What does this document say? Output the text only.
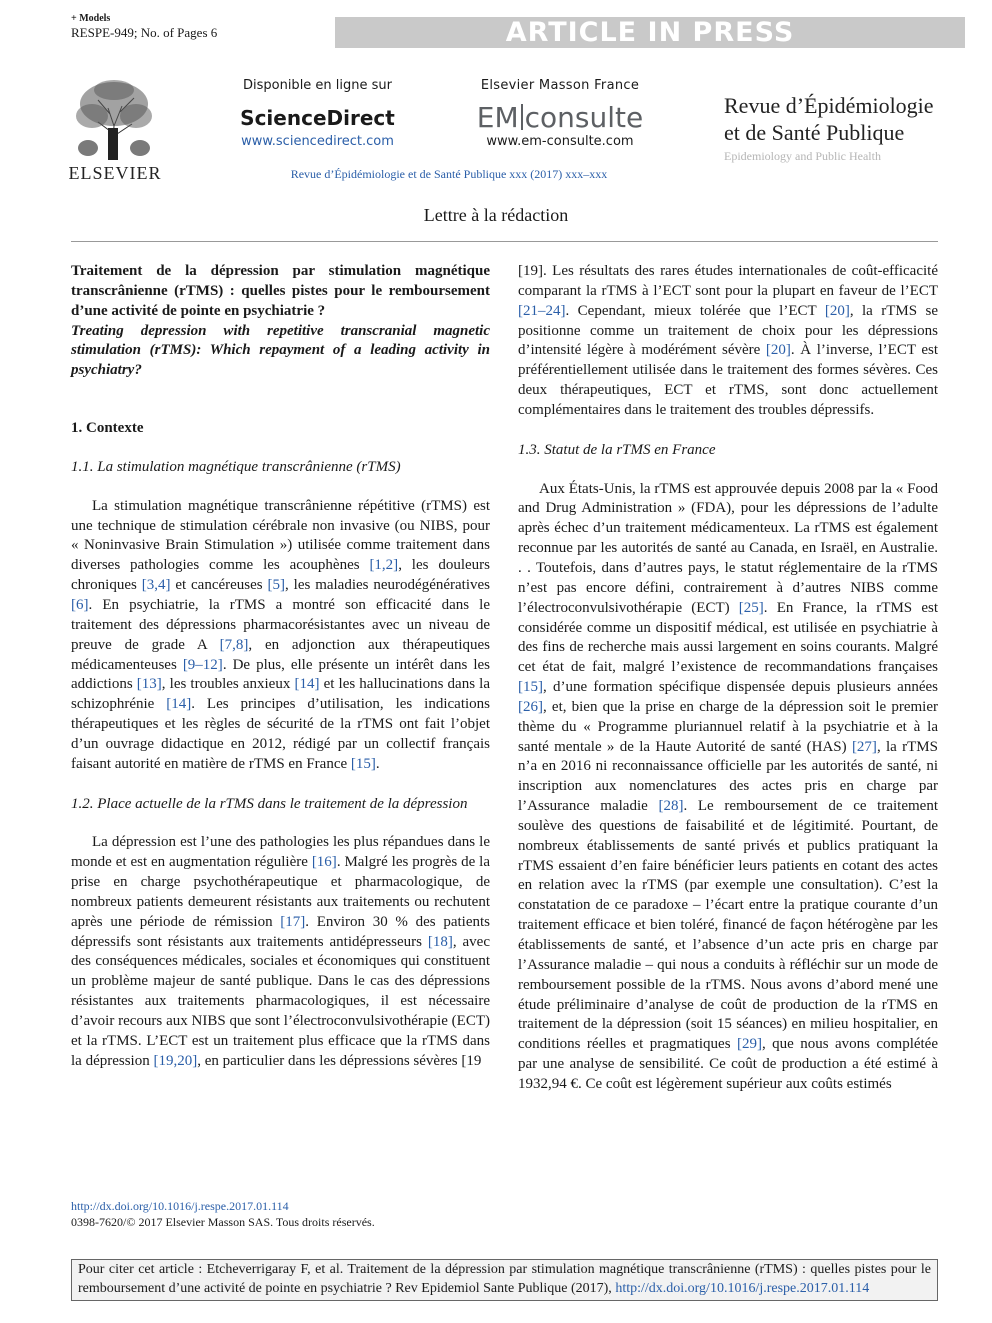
+ Models
RESPE-949; No. of Pages 6	ARTICLE IN PRESS
ELSEVIER
Disponible en ligne sur
ScienceDirect
www.sciencedirect.com
Elsevier Masson France
EM consulte
www.em-consulte.com
Revue d’Épidémiologie
et de Santé Publique
Epidemiology and Public Health
Revue d’Épidémiologie et de Santé Publique xxx (2017) xxx–xxx
Lettre à la rédaction

Traitement de la dépression par stimulation magnétique transcrânienne (rTMS) : quelles pistes pour le remboursement d’une activité de pointe en psychiatrie ?

Treating depression with repetitive transcranial magnetic stimulation (rTMS): Which repayment of a leading activity in psychiatry?

1. Contexte

1.1. La stimulation magnétique transcrânienne (rTMS)

La stimulation magnétique transcrânienne répétitive (rTMS) est une technique de stimulation cérébrale non invasive (ou NIBS, pour « Noninvasive Brain Stimulation ») utilisée comme traitement dans diverses pathologies comme les acouphènes [1,2], les douleurs chroniques [3,4] et cancéreuses [5], les maladies neurodégénératives [6]. En psychiatrie, la rTMS a montré son efficacité dans le traitement des dépressions pharmacorésistantes avec un niveau de preuve de grade A [7,8], en adjonction aux thérapeutiques médicamenteuses [9–12]. De plus, elle présente un intérêt dans les addictions [13], les troubles anxieux [14] et les hallucinations dans la schizophrénie [14]. Les principes d’utilisation, les indications thérapeutiques et les règles de sécurité de la rTMS ont fait l’objet d’un ouvrage didactique en 2012, rédigé par un collectif français faisant autorité en matière de rTMS en France [15].

1.2. Place actuelle de la rTMS dans le traitement de la dépression

La dépression est l’une des pathologies les plus répandues dans le monde et est en augmentation régulière [16]. Malgré les progrès de la prise en charge psychothérapeutique et pharmacologique, de nombreux patients demeurent résistants aux traitements ou rechutent après une période de rémission [17]. Environ 30 % des patients dépressifs sont résistants aux traitements antidépresseurs [18], avec des conséquences médicales, sociales et économiques qui constituent un problème majeur de santé publique. Dans le cas des dépressions résistantes aux traitements pharmacologiques, il est nécessaire d’avoir recours aux NIBS que sont l’électroconvulsivothérapie (ECT) et la rTMS. L’ECT est un traitement plus efficace que la rTMS dans la dépression [19,20], en particulier dans les dépressions sévères [19

[19]. Les résultats des rares études internationales de coût-efficacité comparant la rTMS à l’ECT sont pour la plupart en faveur de l’ECT [21–24]. Cependant, mieux tolérée que l’ECT [20], la rTMS se positionne comme un traitement de choix pour les dépressions d’intensité légère à modérément sévère [20]. À l’inverse, l’ECT est préférentiellement utilisée dans le traitement des formes sévères. Ces deux thérapeutiques, ECT et rTMS, sont donc actuellement complémentaires dans le traitement des troubles dépressifs.

1.3. Statut de la rTMS en France

Aux États-Unis, la rTMS est approuvée depuis 2008 par la « Food and Drug Administration » (FDA), pour les dépressions de l’adulte après échec d’un traitement médicamenteux. La rTMS est également reconnue par les autorités de santé au Canada, en Israël, en Australie. . . Toutefois, dans d’autres pays, le statut réglementaire de la rTMS n’est pas encore défini, contrairement à d’autres NIBS comme l’électroconvulsivothérapie (ECT) [25]. En France, la rTMS est considérée comme un dispositif médical, est utilisée en psychiatrie à des fins de recherche mais aussi largement en soins courants. Malgré cet état de fait, malgré l’existence de recommandations françaises [15], d’une formation spécifique dispensée depuis plusieurs années [26], et, bien que la prise en charge de la dépression soit le premier thème du « Programme pluriannuel relatif à la psychiatrie et à la santé mentale » de la Haute Autorité de santé (HAS) [27], la rTMS n’a en 2016 ni reconnaissance officielle par les autorités de santé, ni inscription aux nomenclatures des actes pris en charge par l’Assurance maladie [28]. Le remboursement de ce traitement soulève des questions de faisabilité et de légitimité. Pourtant, de nombreux établissements de santé privés et publics pratiquant la rTMS essaient d’en faire bénéficier leurs patients en cotant des actes en relation avec la rTMS (par exemple une consultation). C’est la constatation de ce paradoxe – l’écart entre la pratique courante d’un traitement efficace et bien toléré, financé de façon hétérogène par les établissements de santé, et l’absence d’un acte pris en charge par l’Assurance maladie – qui nous a conduits à réfléchir sur un mode de remboursement possible de la rTMS. Nous avons d’abord mené une étude préliminaire d’analyse de coût de production de la rTMS en traitement de la dépression (soit 15 séances) en milieu hospitalier, en conditions réelles et pragmatiques [29], que nous avons complétée par une analyse de sensibilité. Ce coût de production a été estimé à 1932,94 €. Ce coût est légèrement supérieur aux coûts estimés

http://dx.doi.org/10.1016/j.respe.2017.01.114
0398-7620/© 2017 Elsevier Masson SAS. Tous droits réservés.
Pour citer cet article : Etcheverrigaray F, et al. Traitement de la dépression par stimulation magnétique transcrânienne (rTMS) : quelles pistes pour le remboursement d’une activité de pointe en psychiatrie ? Rev Epidemiol Sante Publique (2017), http://dx.doi.org/10.1016/j.respe.2017.01.114
